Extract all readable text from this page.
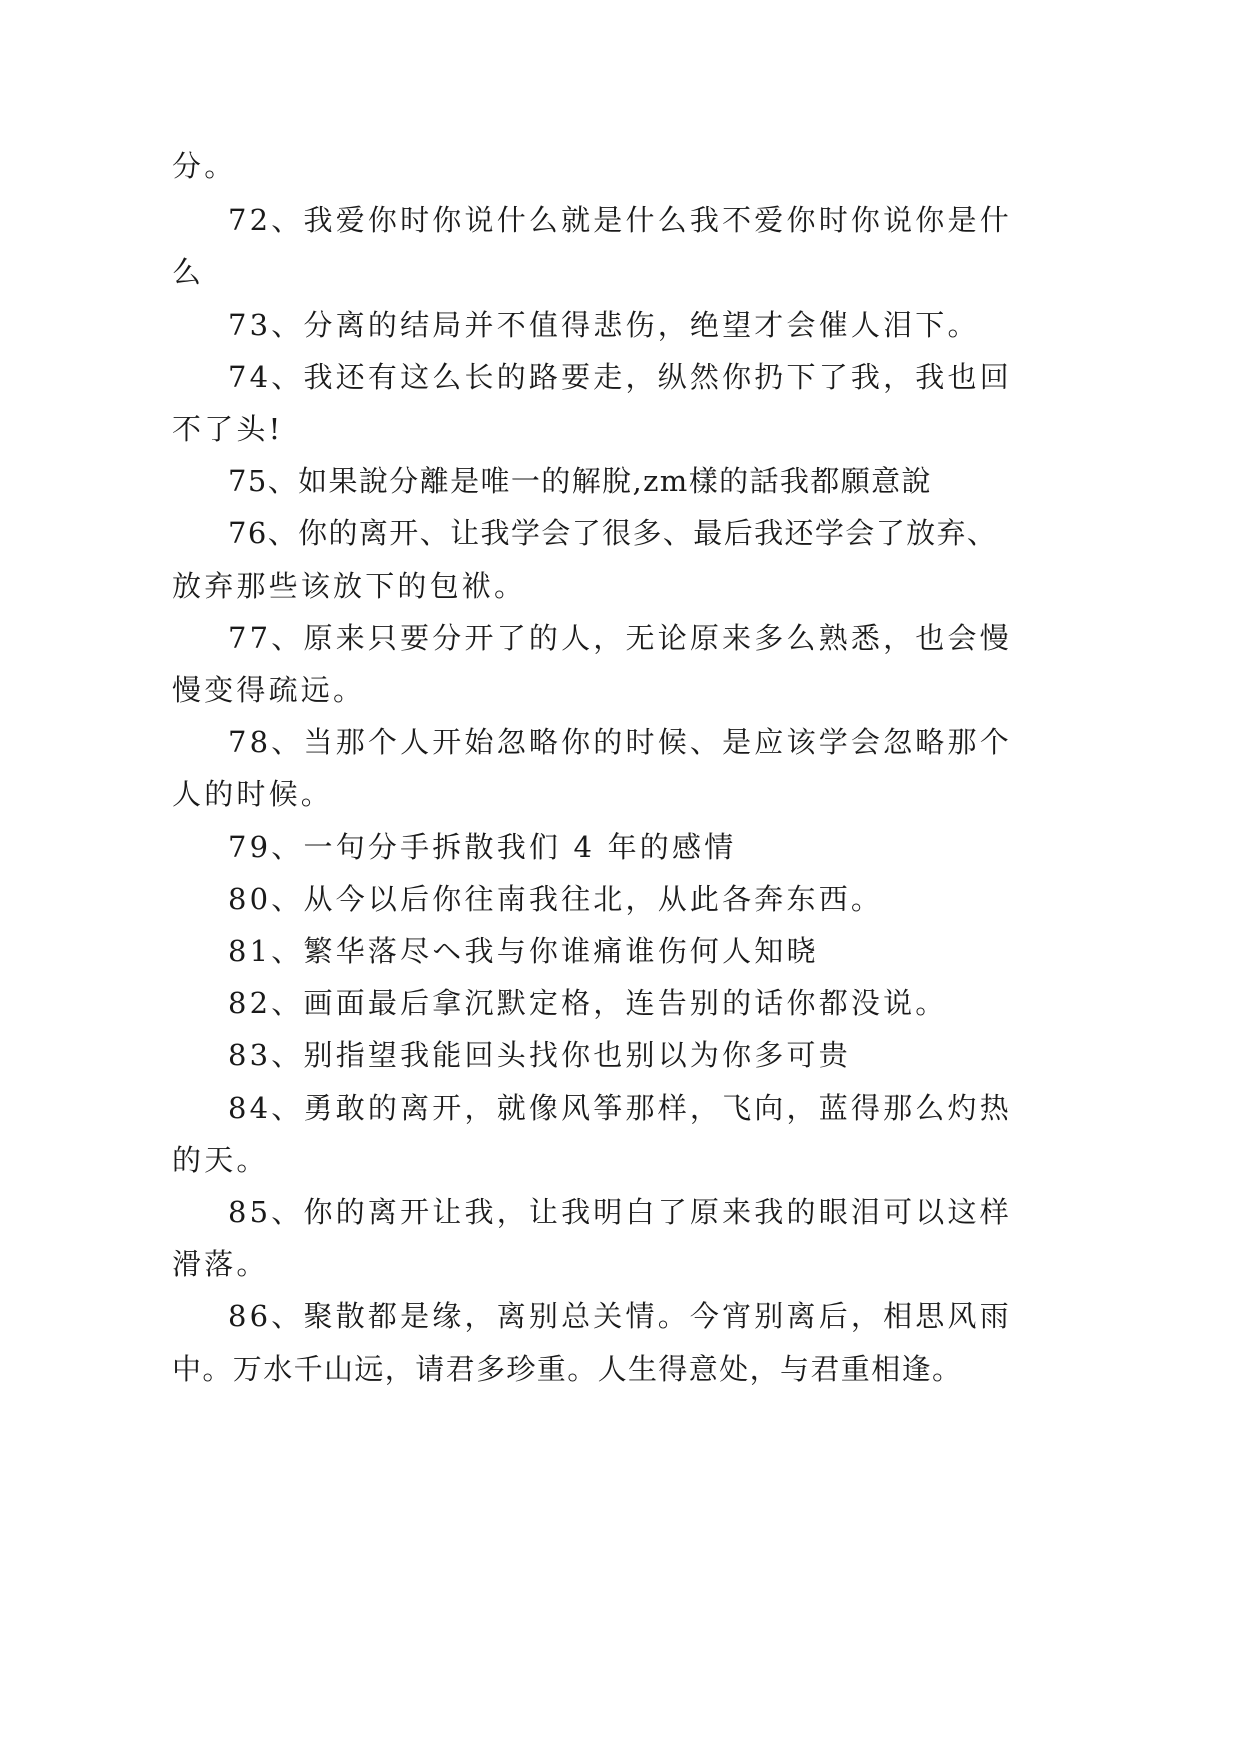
分。
72、我爱你时你说什么就是什么我不爱你时你说你是什
么
73、分离的结局并不值得悲伤，绝望才会催人泪下。
74、我还有这么长的路要走，纵然你扔下了我，我也回
不了头!
75、如果說分離是唯一的解脫,zm樣的話我都願意說
76、你的离开、让我学会了很多、最后我还学会了放弃、
放弃那些该放下的包袱。
77、原来只要分开了的人，无论原来多么熟悉，也会慢
慢变得疏远。
78、当那个人开始忽略你的时候、是应该学会忽略那个
人的时候。
79、一句分手拆散我们 4 年的感情
80、从今以后你往南我往北，从此各奔东西。
81、繁华落尽ヘ我与你谁痛谁伤何人知晓
82、画面最后拿沉默定格，连告别的话你都没说。
83、别指望我能回头找你也别以为你多可贵
84、勇敢的离开，就像风筝那样，飞向，蓝得那么灼热
的天。
85、你的离开让我，让我明白了原来我的眼泪可以这样
滑落。
86、聚散都是缘，离别总关情。今宵别离后，相思风雨
中。万水千山远，请君多珍重。人生得意处，与君重相逢。
